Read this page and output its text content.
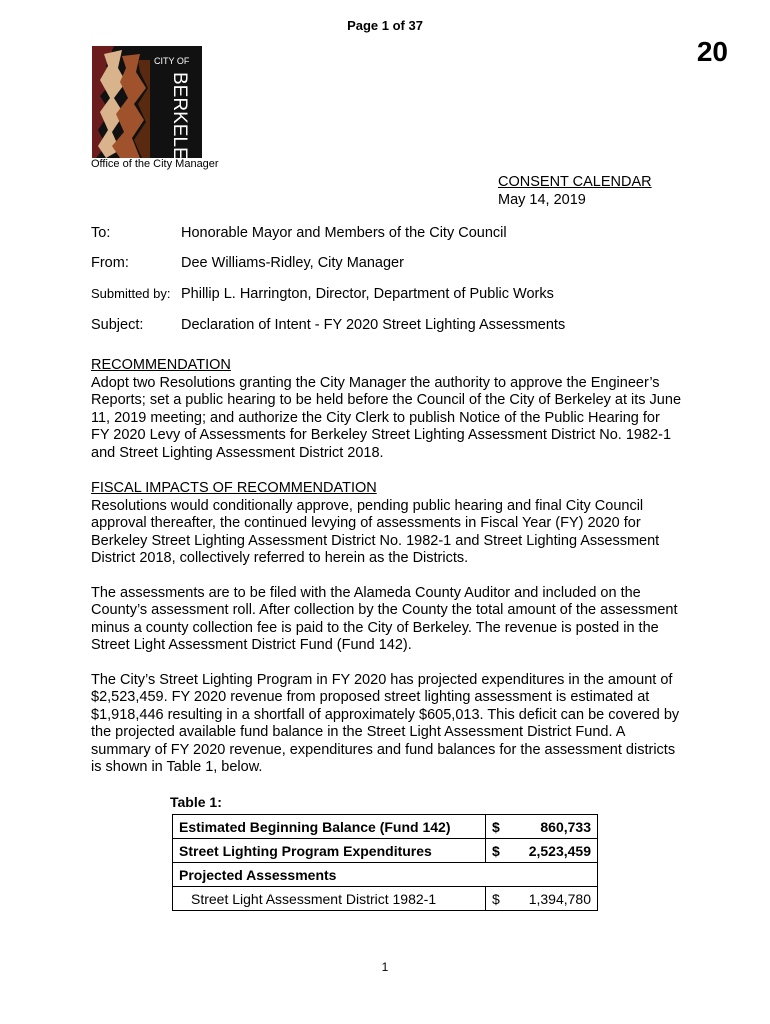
Page 1 of 37
20
CITY OF
BERKELEY
Office of the City Manager
CONSENT CALENDAR
May 14, 2019
To:	Honorable Mayor and Members of the City Council
From:	Dee Williams-Ridley, City Manager
Submitted by: Phillip L. Harrington, Director, Department of Public Works
Subject:	Declaration of Intent - FY 2020 Street Lighting Assessments
RECOMMENDATION
Adopt two Resolutions granting the City Manager the authority to approve the Engineer’s Reports; set a public hearing to be held before the Council of the City of Berkeley at its June 11, 2019 meeting; and authorize the City Clerk to publish Notice of the Public Hearing for FY 2020 Levy of Assessments for Berkeley Street Lighting Assessment District No. 1982-1 and Street Lighting Assessment District 2018.
FISCAL IMPACTS OF RECOMMENDATION
Resolutions would conditionally approve, pending public hearing and final City Council approval thereafter, the continued levying of assessments in Fiscal Year (FY) 2020 for Berkeley Street Lighting Assessment District No. 1982-1 and Street Lighting Assessment District 2018, collectively referred to herein as the Districts.
The assessments are to be filed with the Alameda County Auditor and included on the County’s assessment roll. After collection by the County the total amount of the assessment minus a county collection fee is paid to the City of Berkeley. The revenue is posted in the Street Light Assessment District Fund (Fund 142).
The City’s Street Lighting Program in FY 2020 has projected expenditures in the amount of $2,523,459. FY 2020 revenue from proposed street lighting assessment is estimated at $1,918,446 resulting in a shortfall of approximately $605,013. This deficit can be covered by the projected available fund balance in the Street Light Assessment District Fund. A summary of FY 2020 revenue, expenditures and fund balances for the assessment districts is shown in Table 1, below.
Table 1:
Estimated Beginning Balance (Fund 142)	$ 860,733

Street Lighting Program Expenditures	$ 2,523,459

Projected Assessments	
Street Light Assessment District 1982-1	$ 1,394,780
1
